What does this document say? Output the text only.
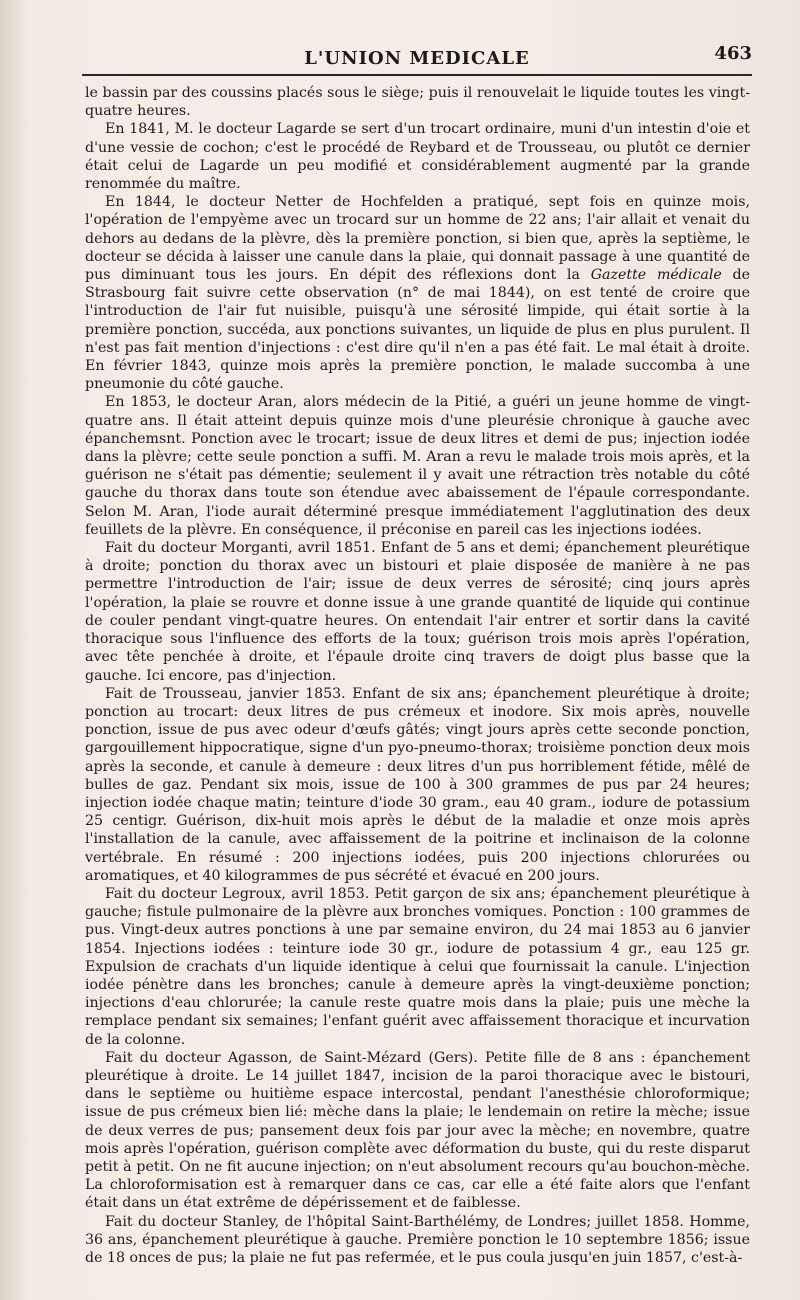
L'UNION MEDICALE	463

le bassin par des coussins placés sous le siège; puis il renouvelait le liquide toutes les vingt-quatre heures.

En 1841, M. le docteur Lagarde se sert d'un trocart ordinaire, muni d'un intestin d'oie et d'une vessie de cochon; c'est le procédé de Reybard et de Trousseau, ou plutôt ce dernier était celui de Lagarde un peu modifié et considérablement augmenté par la grande renommée du maître.

En 1844, le docteur Netter de Hochfelden a pratiqué, sept fois en quinze mois, l'opération de l'empyème avec un trocard sur un homme de 22 ans; l'air allait et venait du dehors au dedans de la plèvre, dès la première ponction, si bien que, après la septième, le docteur se décida à laisser une canule dans la plaie, qui donnait passage à une quantité de pus diminuant tous les jours. En dépit des réflexions dont la Gazette médicale de Strasbourg fait suivre cette observation (n° de mai 1844), on est tenté de croire que l'introduction de l'air fut nuisible, puisqu'à une sérosité limpide, qui était sortie à la première ponction, succéda, aux ponctions suivantes, un liquide de plus en plus purulent. Il n'est pas fait mention d'injections : c'est dire qu'il n'en a pas été fait. Le mal était à droite. En février 1843, quinze mois après la première ponction, le malade succomba à une pneumonie du côté gauche.

En 1853, le docteur Aran, alors médecin de la Pitié, a guéri un jeune homme de vingt-quatre ans. Il était atteint depuis quinze mois d'une pleurésie chronique à gauche avec épanchemsnt. Ponction avec le trocart; issue de deux litres et demi de pus; injection iodée dans la plèvre; cette seule ponction a suffi. M. Aran a revu le malade trois mois après, et la guérison ne s'était pas démentie; seulement il y avait une rétraction très notable du côté gauche du thorax dans toute son étendue avec abaissement de l'épaule correspondante. Selon M. Aran, l'iode aurait déterminé presque immédiatement l'agglutination des deux feuillets de la plèvre. En conséquence, il préconise en pareil cas les injections iodées.

Fait du docteur Morganti, avril 1851. Enfant de 5 ans et demi; épanchement pleurétique à droite; ponction du thorax avec un bistouri et plaie disposée de manière à ne pas permettre l'introduction de l'air; issue de deux verres de sérosité; cinq jours après l'opération, la plaie se rouvre et donne issue à une grande quantité de liquide qui continue de couler pendant vingt-quatre heures. On entendait l'air entrer et sortir dans la cavité thoracique sous l'influence des efforts de la toux; guérison trois mois après l'opération, avec tête penchée à droite, et l'épaule droite cinq travers de doigt plus basse que la gauche. Ici encore, pas d'injection.

Fait de Trousseau, janvier 1853. Enfant de six ans; épanchement pleurétique à droite; ponction au trocart: deux litres de pus crémeux et inodore. Six mois après, nouvelle ponction, issue de pus avec odeur d'œufs gâtés; vingt jours après cette seconde ponction, gargouillement hippocratique, signe d'un pyo-pneumo-thorax; troisième ponction deux mois après la seconde, et canule à demeure : deux litres d'un pus horriblement fétide, mêlé de bulles de gaz. Pendant six mois, issue de 100 à 300 grammes de pus par 24 heures; injection iodée chaque matin; teinture d'iode 30 gram., eau 40 gram., iodure de potassium 25 centigr. Guérison, dix-huit mois après le début de la maladie et onze mois après l'installation de la canule, avec affaissement de la poitrine et inclinaison de la colonne vertébrale. En résumé : 200 injections iodées, puis 200 injections chlorurées ou aromatiques, et 40 kilogrammes de pus sécrété et évacué en 200 jours.

Fait du docteur Legroux, avril 1853. Petit garçon de six ans; épanchement pleurétique à gauche; fistule pulmonaire de la plèvre aux bronches vomiques. Ponction : 100 grammes de pus. Vingt-deux autres ponctions à une par semaine environ, du 24 mai 1853 au 6 janvier 1854. Injections iodées : teinture iode 30 gr., iodure de potassium 4 gr., eau 125 gr. Expulsion de crachats d'un liquide identique à celui que fournissait la canule. L'injection iodée pénètre dans les bronches; canule à demeure après la vingt-deuxième ponction; injections d'eau chlorurée; la canule reste quatre mois dans la plaie; puis une mèche la remplace pendant six semaines; l'enfant guérit avec affaissement thoracique et incurvation de la colonne.

Fait du docteur Agasson, de Saint-Mézard (Gers). Petite fille de 8 ans : épanchement pleurétique à droite. Le 14 juillet 1847, incision de la paroi thoracique avec le bistouri, dans le septième ou huitième espace intercostal, pendant l'anesthésie chloroformique; issue de pus crémeux bien lié: mèche dans la plaie; le lendemain on retire la mèche; issue de deux verres de pus; pansement deux fois par jour avec la mèche; en novembre, quatre mois après l'opération, guérison complète avec déformation du buste, qui du reste disparut petit à petit. On ne fit aucune injection; on n'eut absolument recours qu'au bouchon-mèche. La chloroformisation est à remarquer dans ce cas, car elle a été faite alors que l'enfant était dans un état extrême de dépérissement et de faiblesse.

Fait du docteur Stanley, de l'hôpital Saint-Barthélémy, de Londres; juillet 1858. Homme, 36 ans, épanchement pleurétique à gauche. Première ponction le 10 septembre 1856; issue de 18 onces de pus; la plaie ne fut pas refermée, et le pus coula jusqu'en juin 1857, c'est-à-
